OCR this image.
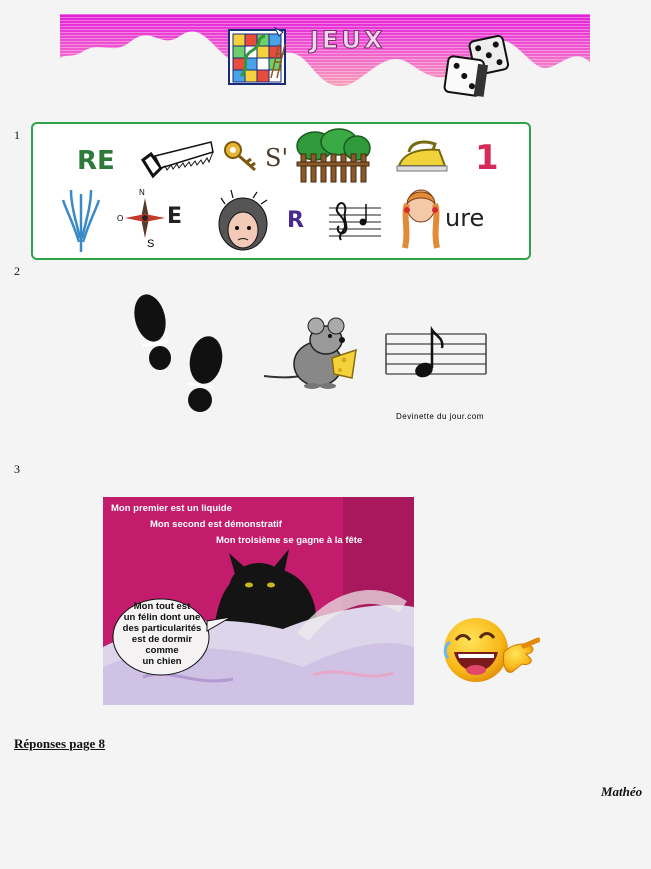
JEUX
1
RE	S'	1
N
O
S
E	R	ure
2
Devinette du jour.com
3
Mon premier est un liquide
Mon second est démonstratif
Mon troisième se gagne à la fête
Mon tout est
un félin dont une
des particularités
est de dormir
comme
un chien
Réponses page 8
Mathéo
